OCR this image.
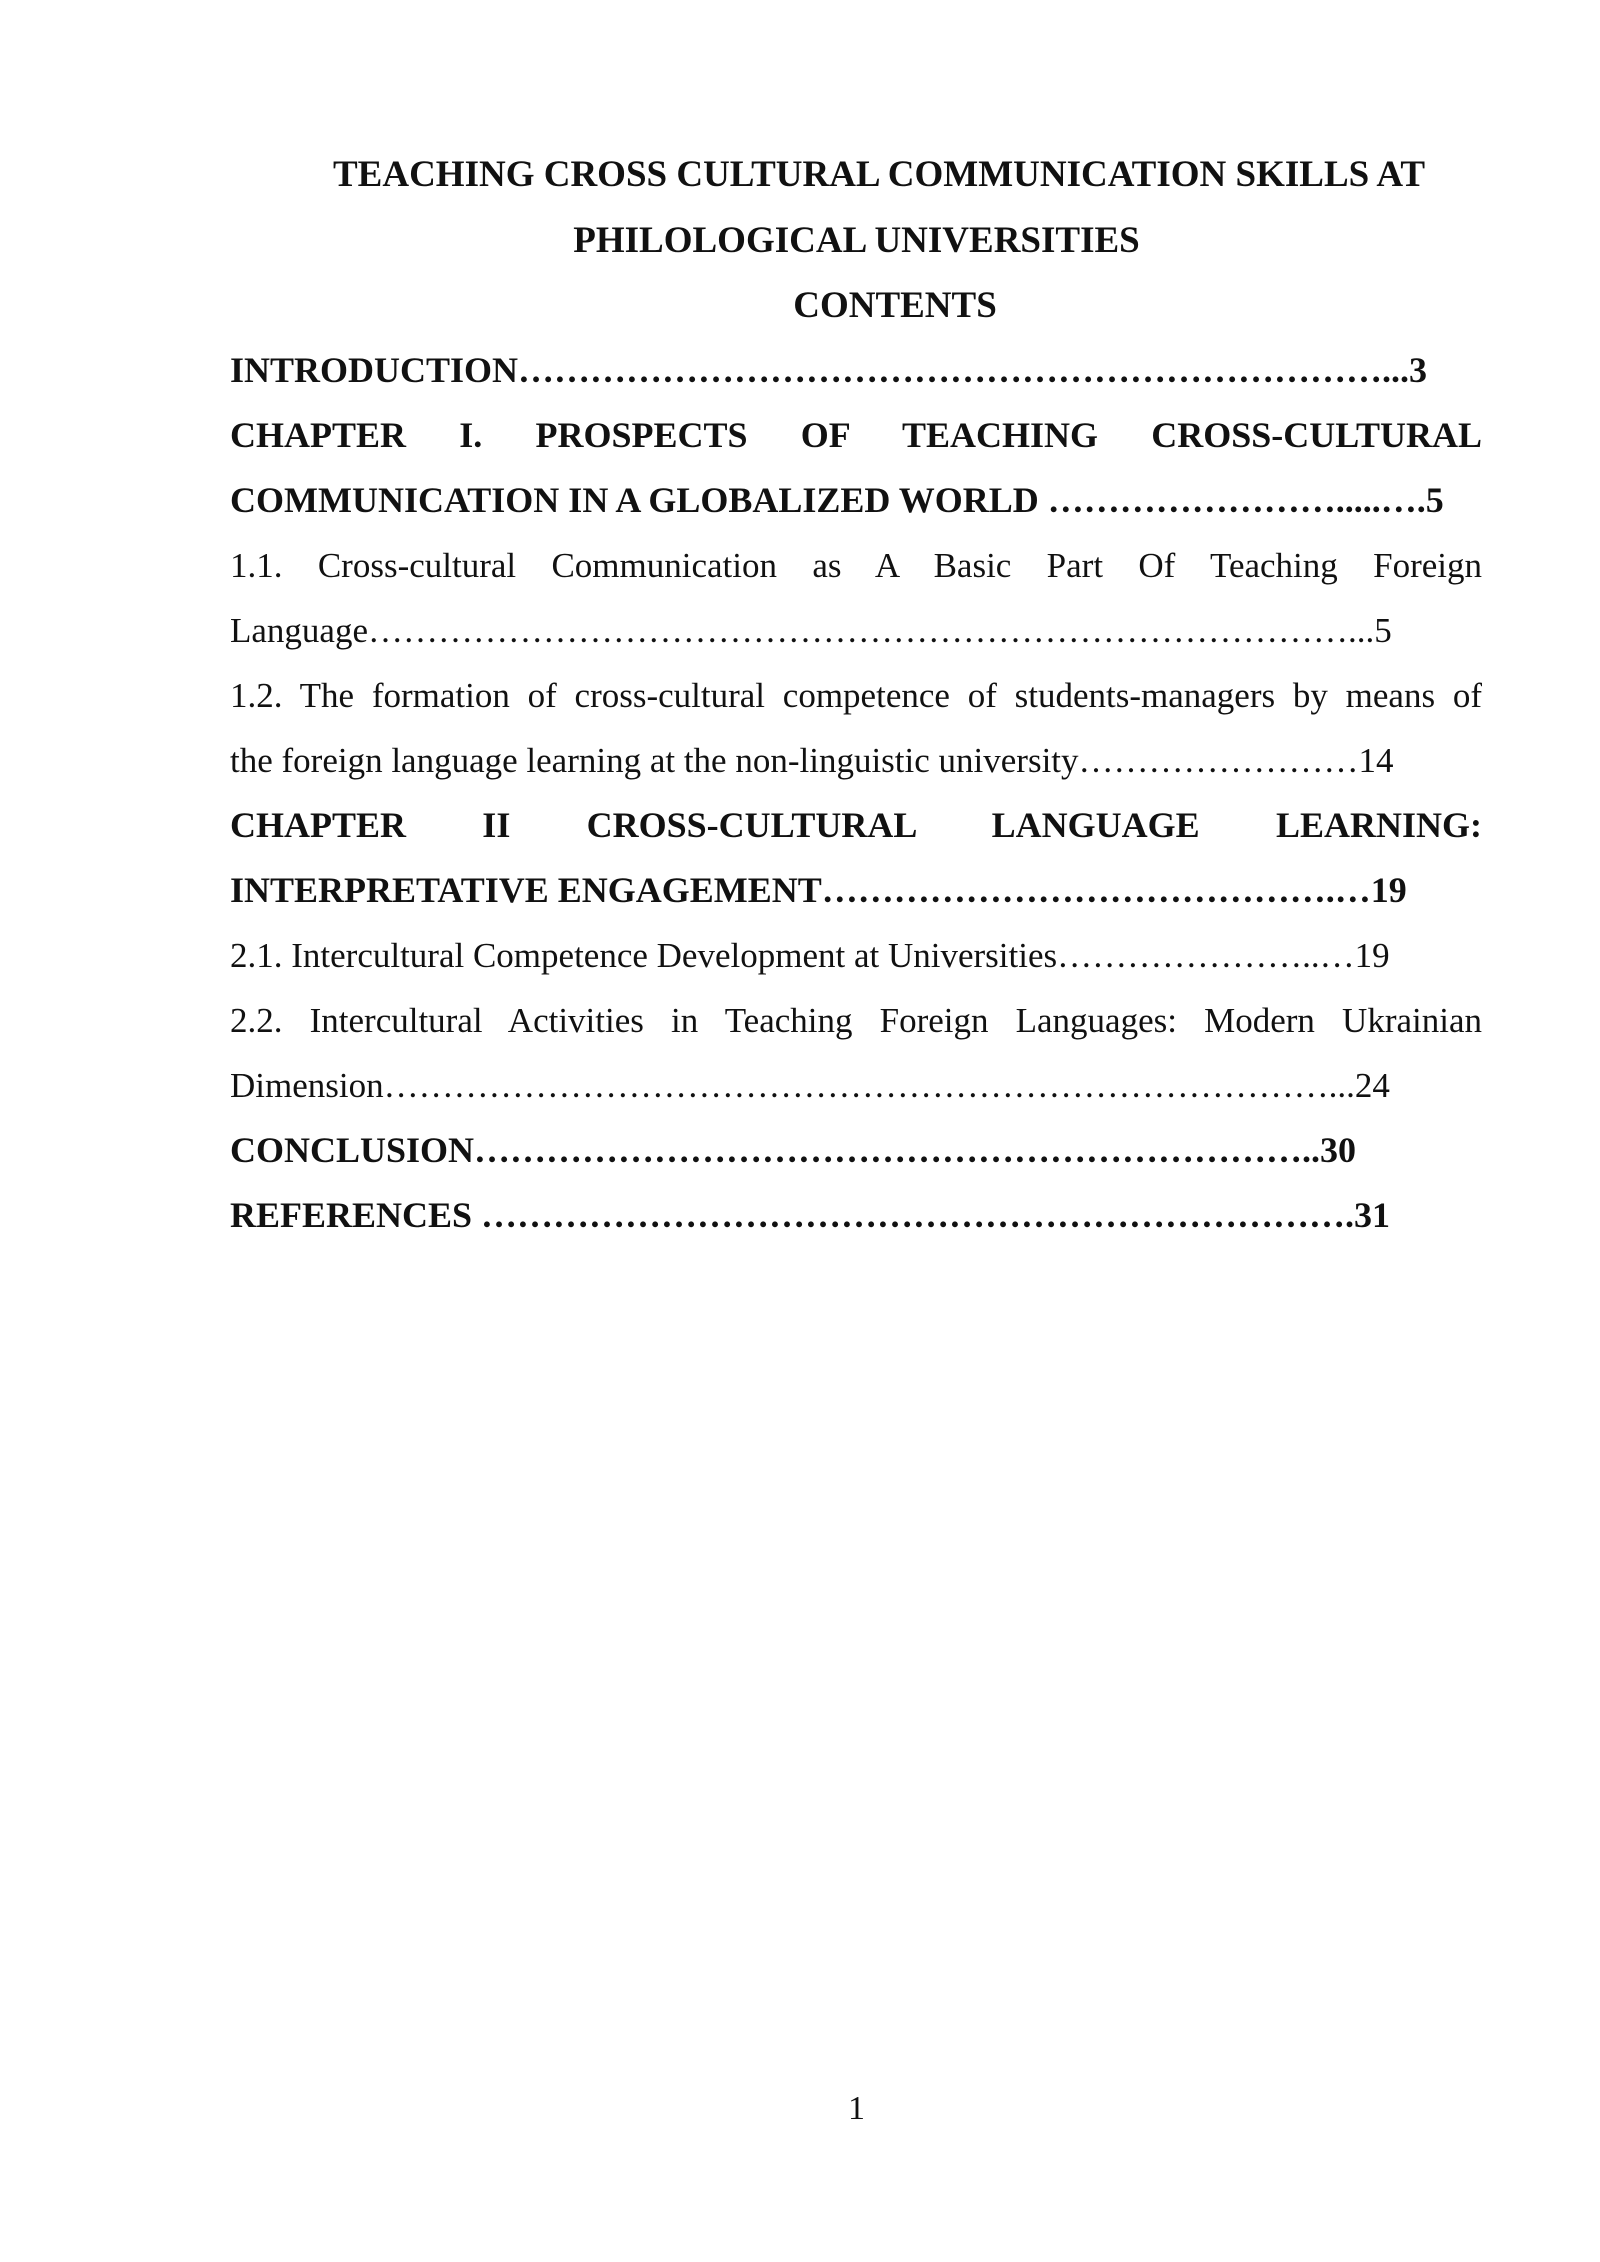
TEACHING CROSS CULTURAL COMMUNICATION SKILLS AT
PHILOLOGICAL UNIVERSITIES
CONTENTS
INTRODUCTION………………………………………………………………...3
CHAPTER I. PROSPECTS OF TEACHING CROSS-CULTURAL
COMMUNICATION IN A GLOBALIZED WORLD …………………….....….5
1.1. Cross-cultural Communication as A Basic Part Of Teaching Foreign
Language…………………………………………………………………………...5
1.2. The formation of cross-cultural competence of students-managers by means of
the foreign language learning at the non-linguistic university……………………14
CHAPTER II CROSS-CULTURAL LANGUAGE LEARNING:
INTERPRETATIVE ENGAGEMENT…………………………………….…19
2.1. Intercultural Competence Development at Universities…………………..…19
2.2. Intercultural Activities in Teaching Foreign Languages: Modern Ukrainian
Dimension………………………………………………………………………...24
CONCLUSION……………………………………………………………..30
REFERENCES ……………………………………………………………….31
1
